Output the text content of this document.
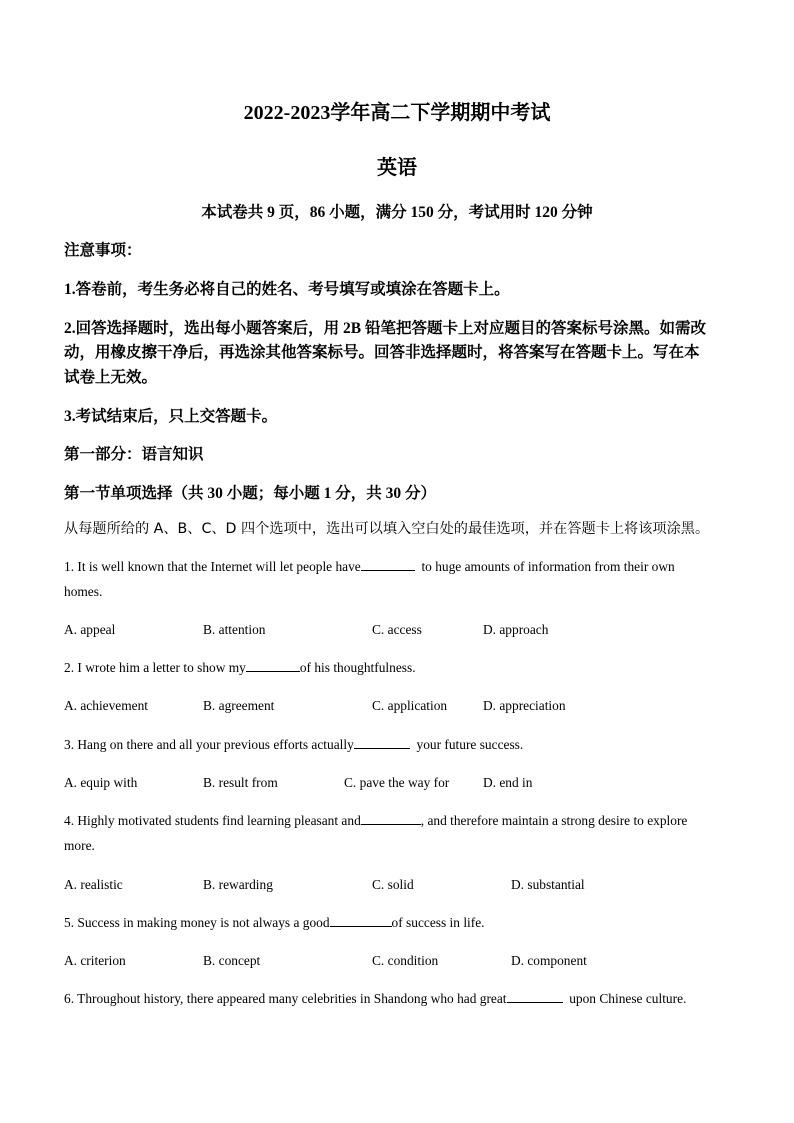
2022-2023学年高二下学期期中考试
英语
本试卷共 9 页，86 小题，满分 150 分，考试用时 120 分钟
注意事项：
1.答卷前，考生务必将自己的姓名、考号填写或填涂在答题卡上。
2.回答选择题时，选出每小题答案后，用 2B 铅笔把答题卡上对应题目的答案标号涂黑。如需改
动，用橡皮擦干净后，再选涂其他答案标号。回答非选择题时，将答案写在答题卡上。写在本
试卷上无效。
3.考试结束后，只上交答题卡。
第一部分：语言知识
第一节单项选择（共 30 小题；每小题 1 分，共 30 分）
从每题所给的 A、B、C、D 四个选项中，选出可以填入空白处的最佳选项，并在答题卡上将该项涂黑。
1. It is well known that the Internet will let people have	to huge amounts of information from their own
homes.
A. appeal	B. attention	C. access	D. approach
2. I wrote him a letter to show my	of his thoughtfulness.
A. achievement	B. agreement	C. application	D. appreciation
3. Hang on there and all your previous efforts actually	your future success.
A. equip with	B. result from	C. pave the way for	D. end in
4. Highly motivated students find learning pleasant and	, and therefore maintain a strong desire to explore
more.
A. realistic	B. rewarding	C. solid	D. substantial
5. Success in making money is not always a good	of success in life.
A. criterion	B. concept	C. condition	D. component
6. Throughout history, there appeared many celebrities in Shandong who had great	upon Chinese culture.
